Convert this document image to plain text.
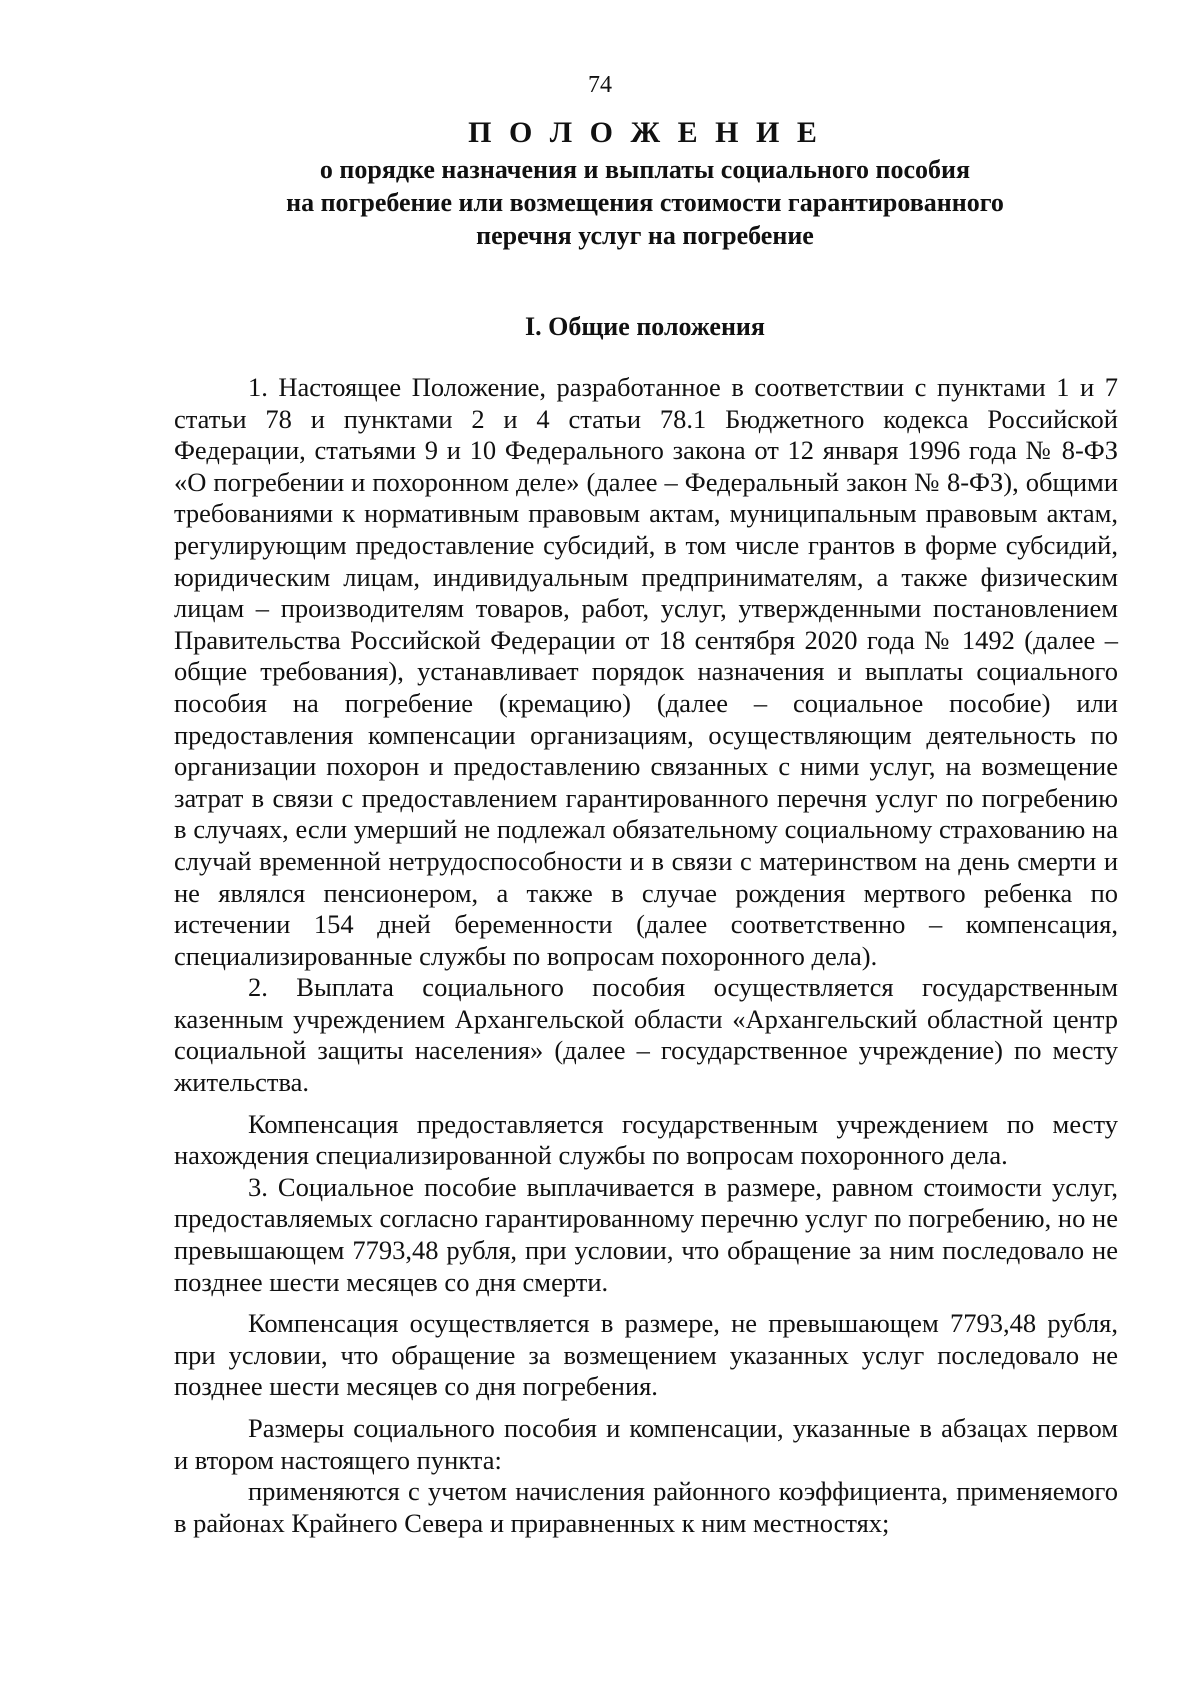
74
П О Л О Ж Е Н И Е
о порядке назначения и выплаты социального пособия
на погребение или возмещения стоимости гарантированного
перечня услуг на погребение
I. Общие положения

1. Настоящее Положение, разработанное в соответствии с пунктами 1 и 7 статьи 78 и пунктами 2 и 4 статьи 78.1 Бюджетного кодекса Российской Федерации, статьями 9 и 10 Федерального закона от 12 января 1996 года № 8-ФЗ «О погребении и похоронном деле» (далее – Федеральный закон № 8-ФЗ), общими требованиями к нормативным правовым актам, муниципальным правовым актам, регулирующим предоставление субсидий, в том числе грантов в форме субсидий, юридическим лицам, индивидуальным предпринимателям, а также физическим лицам – производителям товаров, работ, услуг, утвержденными постановлением Правительства Российской Федерации от 18 сентября 2020 года № 1492 (далее – общие требования), устанавливает порядок назначения и выплаты социального пособия на погребение (кремацию) (далее – социальное пособие) или предоставления компенсации организациям, осуществляющим деятельность по организации похорон и предоставлению связанных с ними услуг, на возмещение затрат в связи с предоставлением гарантированного перечня услуг по погребению в случаях, если умерший не подлежал обязательному социальному страхованию на случай временной нетрудоспособности и в связи с материнством на день смерти и не являлся пенсионером, а также в случае рождения мертвого ребенка по истечении 154 дней беременности (далее соответственно – компенсация, специализированные службы по вопросам похоронного дела).

2. Выплата социального пособия осуществляется государственным казенным учреждением Архангельской области «Архангельский областной центр социальной защиты населения» (далее – государственное учреждение) по месту жительства.

Компенсация предоставляется государственным учреждением по месту нахождения специализированной службы по вопросам похоронного дела.

3. Социальное пособие выплачивается в размере, равном стоимости услуг, предоставляемых согласно гарантированному перечню услуг по погребению, но не превышающем 7793,48 рубля, при условии, что обращение за ним последовало не позднее шести месяцев со дня смерти.

Компенсация осуществляется в размере, не превышающем 7793,48 рубля, при условии, что обращение за возмещением указанных услуг последовало не позднее шести месяцев со дня погребения.

Размеры социального пособия и компенсации, указанные в абзацах первом и втором настоящего пункта:

применяются с учетом начисления районного коэффициента, применяемого в районах Крайнего Севера и приравненных к ним местностях;
